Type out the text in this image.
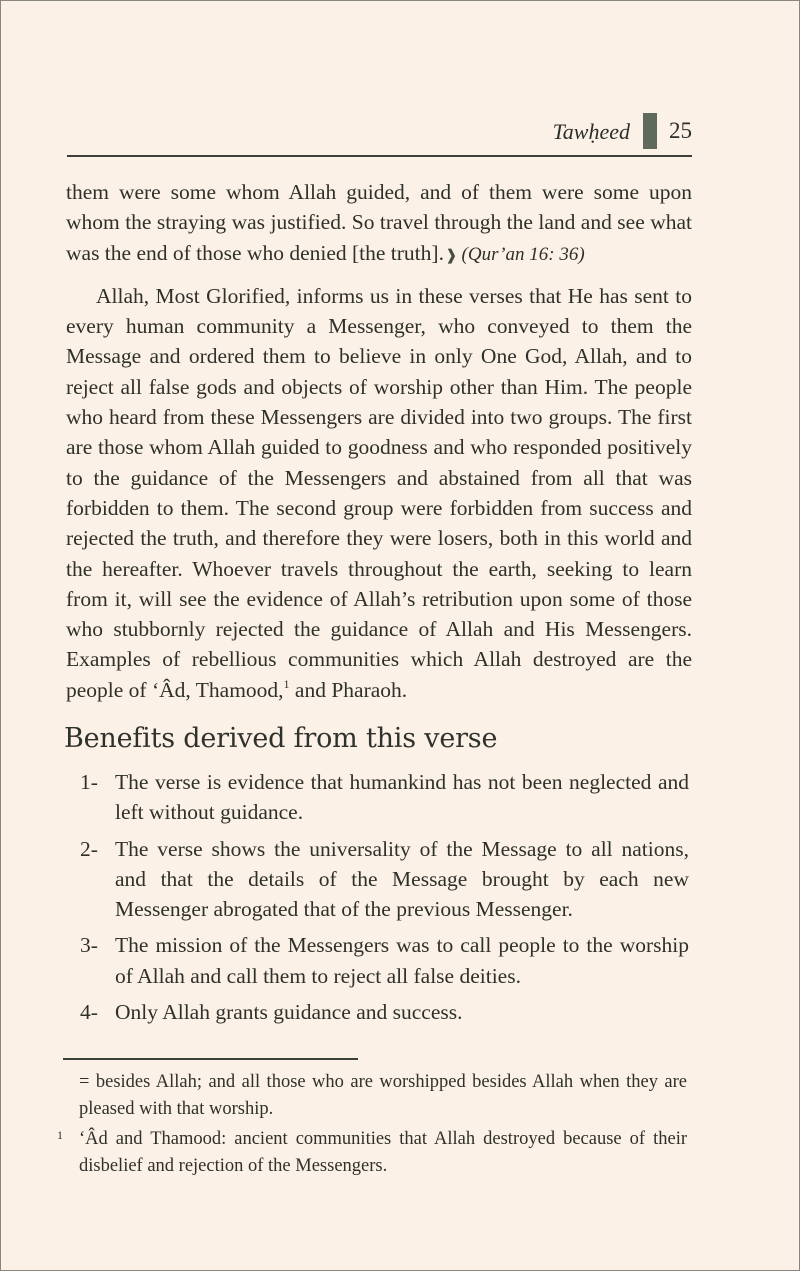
Tawḥeed 25

them were some whom Allah guided, and of them were some upon whom the straying was justified. So travel through the land and see what was the end of those who denied [the truth].❱ (Qur’an 16: 36)

Allah, Most Glorified, informs us in these verses that He has sent to every human community a Messenger, who conveyed to them the Message and ordered them to believe in only One God, Allah, and to reject all false gods and objects of worship other than Him. The people who heard from these Messengers are divided into two groups. The first are those whom Allah guided to goodness and who responded positively to the guidance of the Messengers and abstained from all that was forbidden to them. The second group were forbidden from success and rejected the truth, and therefore they were losers, both in this world and the hereafter. Whoever travels throughout the earth, seeking to learn from it, will see the evidence of Allah’s retribution upon some of those who stubbornly rejected the guidance of Allah and His Messengers. Examples of rebellious communities which Allah destroyed are the people of ‘Âd, Thamood,$^1$ and Pharaoh.

Benefits derived from this verse
1- The verse is evidence that humankind has not been neglected and left without guidance.
2- The verse shows the universality of the Message to all nations, and that the details of the Message brought by each new Messenger abrogated that of the previous Messenger.
3- The mission of the Messengers was to call people to the worship of Allah and call them to reject all false deities.
4- Only Allah grants guidance and success.

= besides Allah; and all those who are worshipped besides Allah when they are pleased with that worship.

1 ‘Âd and Thamood: ancient communities that Allah destroyed because of their disbelief and rejection of the Messengers.
